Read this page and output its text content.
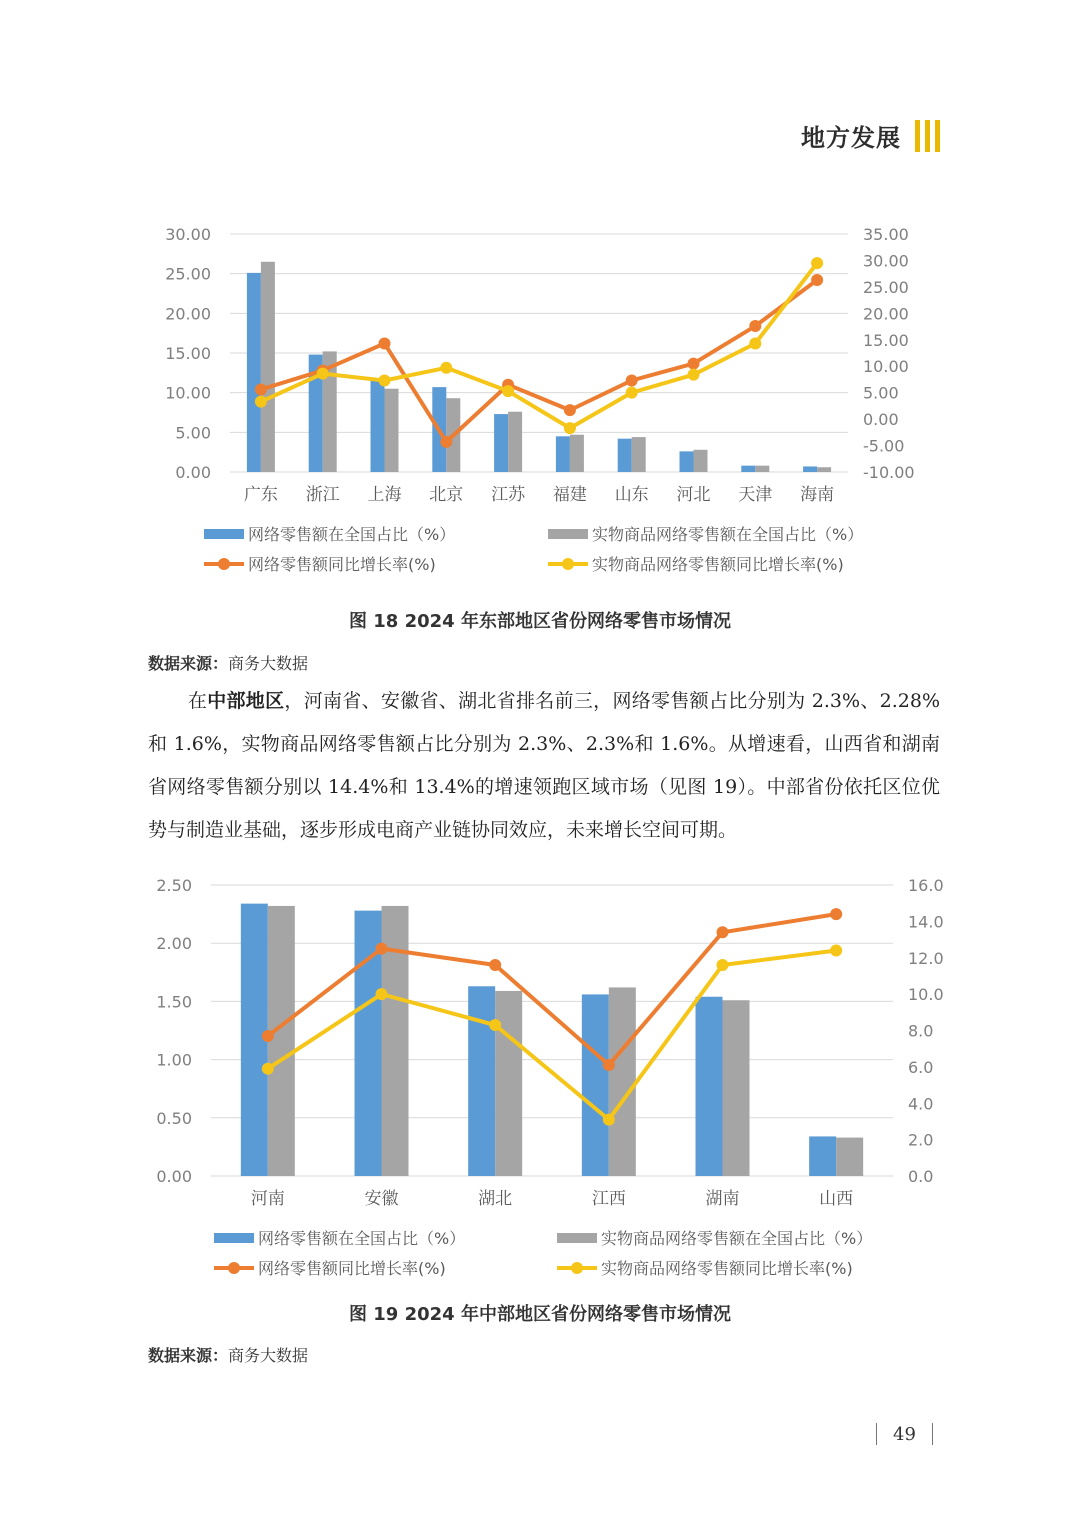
地方发展
0.00
5.00
10.00
15.00
20.00
25.00
30.00
-10.00
-5.00
0.00
5.00
10.00
15.00
20.00
25.00
30.00
35.00
广东 浙江 上海 北京 江苏 福建 山东 河北 天津 海南
网络零售额在全国占比（%）	实物商品网络零售额在全国占比（%）
网络零售额同比增长率(%)	实物商品网络零售额同比增长率(%)
图 18 2024 年东部地区省份网络零售市场情况
数据来源：商务大数据

在中部地区，河南省、安徽省、湖北省排名前三，网络零售额占比分别为 2.3%、2.28%和 1.6%，实物商品网络零售额占比分别为 2.3%、2.3%和 1.6%。从增速看，山西省和湖南省网络零售额分别以 14.4%和 13.4%的增速领跑区域市场（见图 19）。中部省份依托区位优势与制造业基础，逐步形成电商产业链协同效应，未来增长空间可期。

0.00
0.50
1.00
1.50
2.00
2.50
0.0
2.0
4.0
6.0
8.0
10.0
12.0
14.0
16.0
河南	安徽	湖北	江西	湖南	山西
网络零售额在全国占比（%）	实物商品网络零售额在全国占比（%）
网络零售额同比增长率(%)	实物商品网络零售额同比增长率(%)
图 19 2024 年中部地区省份网络零售市场情况
数据来源：商务大数据
49
